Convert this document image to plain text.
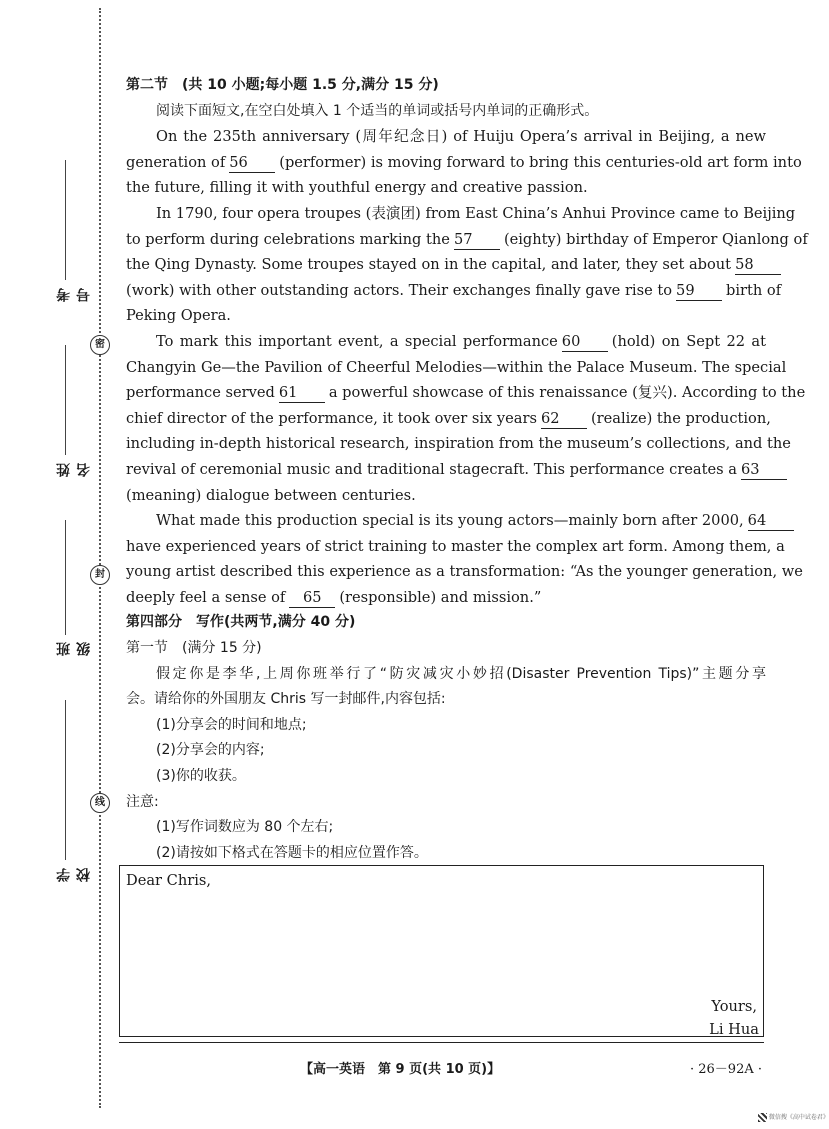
密
封
线
考号
姓名
班级
学校
第二节　(共 10 小题;每小题 1.5 分,满分 15 分)
阅读下面短文,在空白处填入 1 个适当的单词或括号内单词的正确形式。
On the 235th anniversary (周年纪念日) of Huiju Opera’s arrival in Beijing, a new
generation of 56 (performer) is moving forward to bring this centuries-old art form into
the future, filling it with youthful energy and creative passion.
In 1790, four opera troupes (表演团) from East China’s Anhui Province came to Beijing
to perform during celebrations marking the 57 (eighty) birthday of Emperor Qianlong of
the Qing Dynasty. Some troupes stayed on in the capital, and later, they set about 58
(work) with other outstanding actors. Their exchanges finally gave rise to 59 birth of
Peking Opera.
To mark this important event, a special performance 60 (hold) on Sept 22 at
Changyin Ge—the Pavilion of Cheerful Melodies—within the Palace Museum. The special
performance served 61 a powerful showcase of this renaissance (复兴). According to the
chief director of the performance, it took over six years 62 (realize) the production,
including in-depth historical research, inspiration from the museum’s collections, and the
revival of ceremonial music and traditional stagecraft. This performance creates a 63
(meaning) dialogue between centuries.
What made this production special is its young actors—mainly born after 2000, 64
have experienced years of strict training to master the complex art form. Among them, a
young artist described this experience as a transformation: “As the younger generation, we
deeply feel a sense of 65 (responsible) and mission.”
第四部分　写作(共两节,满分 40 分)
第一节　(满分 15 分)
假定你是李华,上周你班举行了“防灾减灾小妙招(Disaster Prevention Tips)”主题分享
会。请给你的外国朋友 Chris 写一封邮件,内容包括:
(1)分享会的时间和地点;
(2)分享会的内容;
(3)你的收获。
注意:
(1)写作词数应为 80 个左右;
(2)请按如下格式在答题卡的相应位置作答。
Dear Chris,
Yours,
Li Hua
【高一英语　第 9 页(共 10 页)】	· 26－92A ·
微信搜《高中试卷君》
